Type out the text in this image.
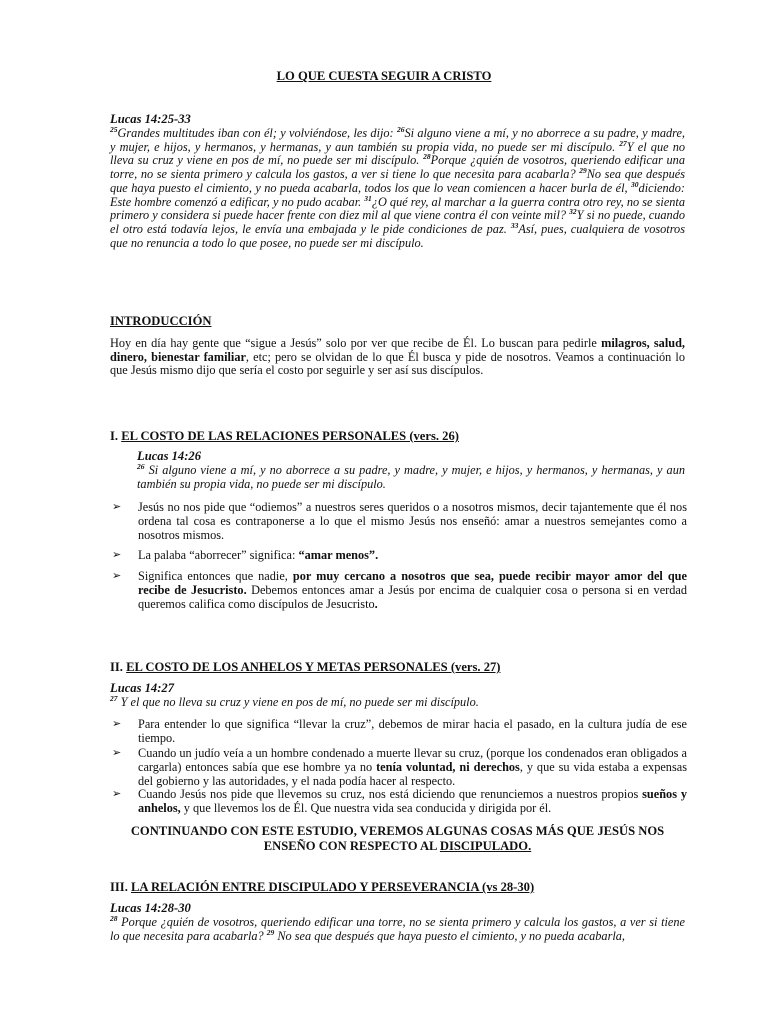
LO QUE CUESTA SEGUIR A CRISTO
Lucas 14:25-33
$^{25}$Grandes multitudes iban con él; y volviéndose, les dijo: $^{26}$Si alguno viene a mí, y no aborrece a su padre, y madre, y mujer, e hijos, y hermanos, y hermanas, y aun también su propia vida, no puede ser mi discípulo. $^{27}$Y el que no lleva su cruz y viene en pos de mí, no puede ser mi discípulo. $^{28}$Porque ¿quién de vosotros, queriendo edificar una torre, no se sienta primero y calcula los gastos, a ver si tiene lo que necesita para acabarla? $^{29}$No sea que después que haya puesto el cimiento, y no pueda acabarla, todos los que lo vean comiencen a hacer burla de él, $^{30}$diciendo: Este hombre comenzó a edificar, y no pudo acabar. $^{31}$¿O qué rey, al marchar a la guerra contra otro rey, no se sienta primero y considera si puede hacer frente con diez mil al que viene contra él con veinte mil? $^{32}$Y si no puede, cuando el otro está todavía lejos, le envía una embajada y le pide condiciones de paz. $^{33}$Así, pues, cualquiera de vosotros que no renuncia a todo lo que posee, no puede ser mi discípulo.
INTRODUCCIÓN
Hoy en día hay gente que “sigue a Jesús” solo por ver que recibe de Él. Lo buscan para pedirle milagros, salud, dinero, bienestar familiar, etc; pero se olvidan de lo que Él busca y pide de nosotros. Veamos a continuación lo que Jesús mismo dijo que sería el costo por seguirle y ser así sus discípulos.
I. EL COSTO DE LAS RELACIONES PERSONALES (vers. 26)
Lucas 14:26
$^{26}$ Si alguno viene a mí, y no aborrece a su padre, y madre, y mujer, e hijos, y hermanos, y hermanas, y aun también su propia vida, no puede ser mi discípulo.
➢ Jesús no nos pide que “odiemos” a nuestros seres queridos o a nosotros mismos, decir tajantemente que él nos ordena tal cosa es contraponerse a lo que el mismo Jesús nos enseñó: amar a nuestros semejantes como a nosotros mismos.
➢ La palaba “aborrecer” significa: “amar menos”.
➢ Significa entonces que nadie, por muy cercano a nosotros que sea, puede recibir mayor amor del que recibe de Jesucristo. Debemos entonces amar a Jesús por encima de cualquier cosa o persona si en verdad queremos califica como discípulos de Jesucristo.
II. EL COSTO DE LOS ANHELOS Y METAS PERSONALES (vers. 27)
Lucas 14:27
$^{27}$ Y el que no lleva su cruz y viene en pos de mí, no puede ser mi discípulo.
➢ Para entender lo que significa “llevar la cruz”, debemos de mirar hacia el pasado, en la cultura judía de ese tiempo.
➢ Cuando un judío veía a un hombre condenado a muerte llevar su cruz, (porque los condenados eran obligados a cargarla) entonces sabía que ese hombre ya no tenía voluntad, ni derechos, y que su vida estaba a expensas del gobierno y las autoridades, y el nada podía hacer al respecto.
➢ Cuando Jesús nos pide que llevemos su cruz, nos está diciendo que renunciemos a nuestros propios sueños y anhelos, y que llevemos los de Él. Que nuestra vida sea conducida y dirigida por él.
CONTINUANDO CON ESTE ESTUDIO, VEREMOS ALGUNAS COSAS MÁS QUE JESÚS NOS
ENSEÑO CON RESPECTO AL DISCIPULADO.
III. LA RELACIÓN ENTRE DISCIPULADO Y PERSEVERANCIA (vs 28-30)
Lucas 14:28-30
$^{28}$ Porque ¿quién de vosotros, queriendo edificar una torre, no se sienta primero y calcula los gastos, a ver si tiene lo que necesita para acabarla? $^{29}$ No sea que después que haya puesto el cimiento, y no pueda acabarla,
